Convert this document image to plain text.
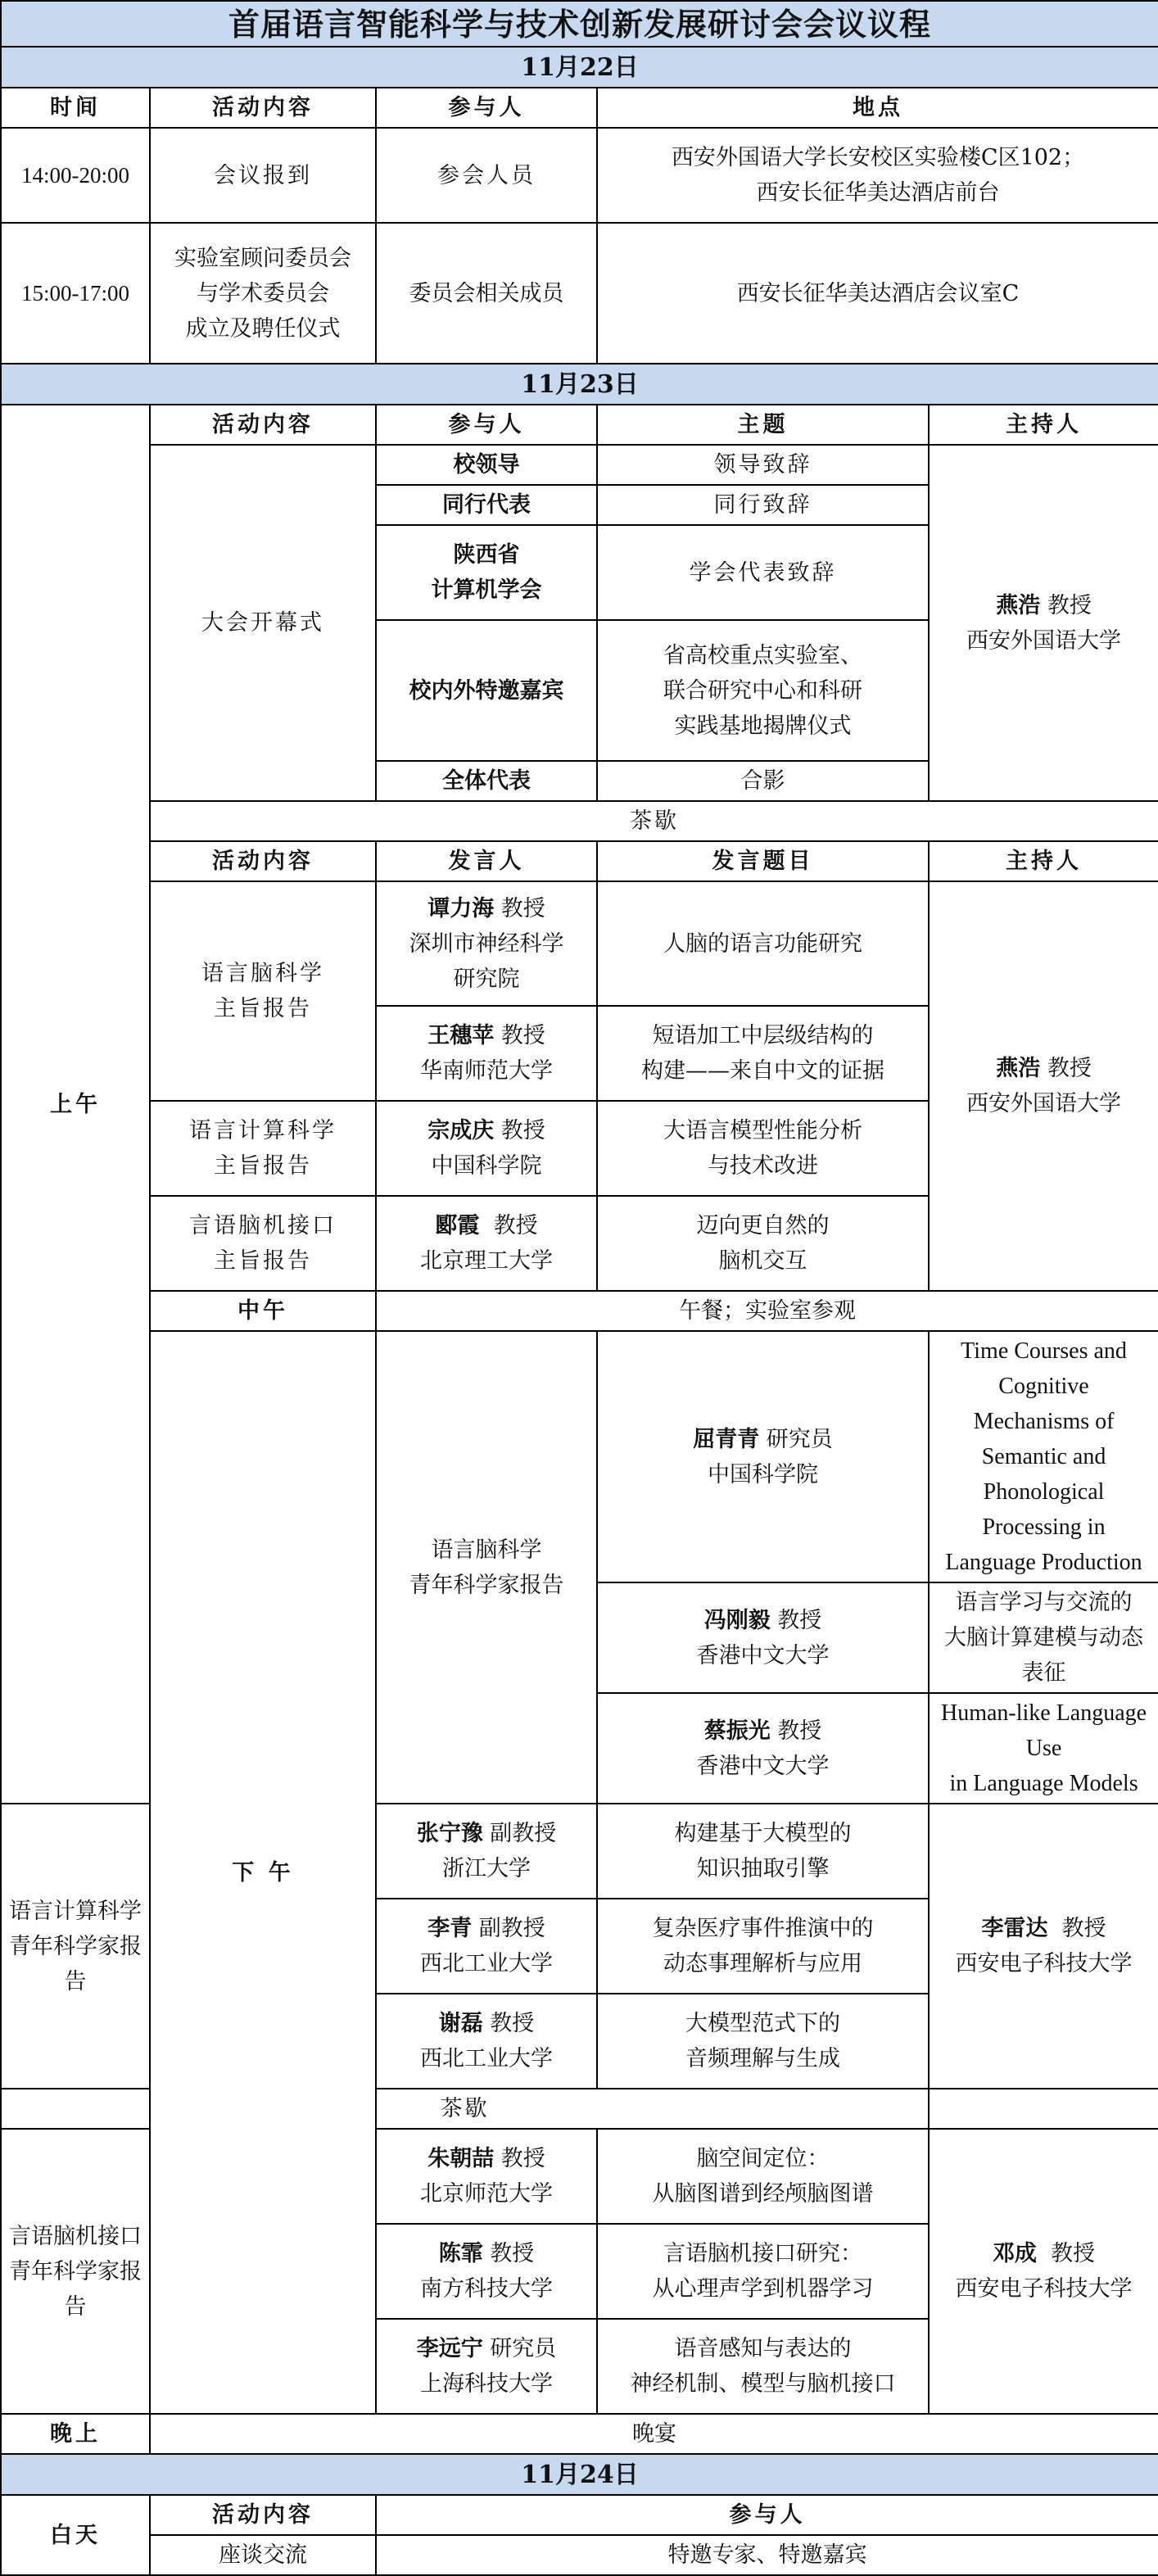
首届语言智能科学与技术创新发展研讨会会议议程					
11月22日					
时间	活动内容	参与人	地点		
14:00-20:00	会议报到	参会人员	西安外国语大学长安校区实验楼C区102；
西安长征华美达酒店前台		

15:00-17:00	实验室顾问委员会
与学术委员会
成立及聘任仪式	委员会相关成员	西安长征华美达酒店会议室C		

11月23日					
上午	活动内容	参与人	主题	主持人	
	大会开幕式	校领导	领导致辞	燕浩 教授
西安外国语大学	

		同行代表	同行致辞		

		陕西省
计算机学会	学会代表致辞		

		校内外特邀嘉宾	省高校重点实验室、
联合研究中心和科研
实践基地揭牌仪式		

		全体代表	合影		

	茶歇				
	活动内容	发言人	发言题目	主持人	

	语言脑科学
主旨报告	谭力海 教授
深圳市神经科学
研究院	人脑的语言功能研究	燕浩 教授
西安外国语大学	

		王穗苹 教授
华南师范大学	短语加工中层级结构的
构建——来自中文的证据		

	语言计算科学
主旨报告	宗成庆 教授
中国科学院	大语言模型性能分析
与技术改进		

	言语脑机接口
主旨报告	郾霞  教授
北京理工大学	迈向更自然的
脑机交互		

	中午	午餐；实验室参观			
	下 午	语言脑科学
青年科学家报告	屈青青 研究员
中国科学院	Time Courses and Cognitive
Mechanisms of Semantic and
Phonological Processing in
Language Production

			冯刚毅 教授
香港中文大学	语言学习与交流的
大脑计算建模与动态表征	

			蔡振光 教授
香港中文大学	Human-like Language Use
in Language Models	

语言计算科学
青年科学家报告		张宁豫 副教授
浙江大学	构建基于大模型的
知识抽取引擎	李雷达  教授
西安电子科技大学	

		李青 副教授
西北工业大学	复杂医疗事件推演中的
动态事理解析与应用		

		谢磊 教授
西北工业大学	大模型范式下的
音频理解与生成		

茶歇					

言语脑机接口
青年科学家报告		朱朝喆 教授
北京师范大学	脑空间定位：
从脑图谱到经颅脑图谱	邓成  教授
西安电子科技大学	

		陈霏 教授
南方科技大学	言语脑机接口研究：
从心理声学到机器学习		

		李远宁 研究员
上海科技大学	语音感知与表达的
神经机制、模型与脑机接口		

晚上	晚宴				
11月24日					
白天	活动内容	参与人			
	座谈交流	特邀专家、特邀嘉宾			
